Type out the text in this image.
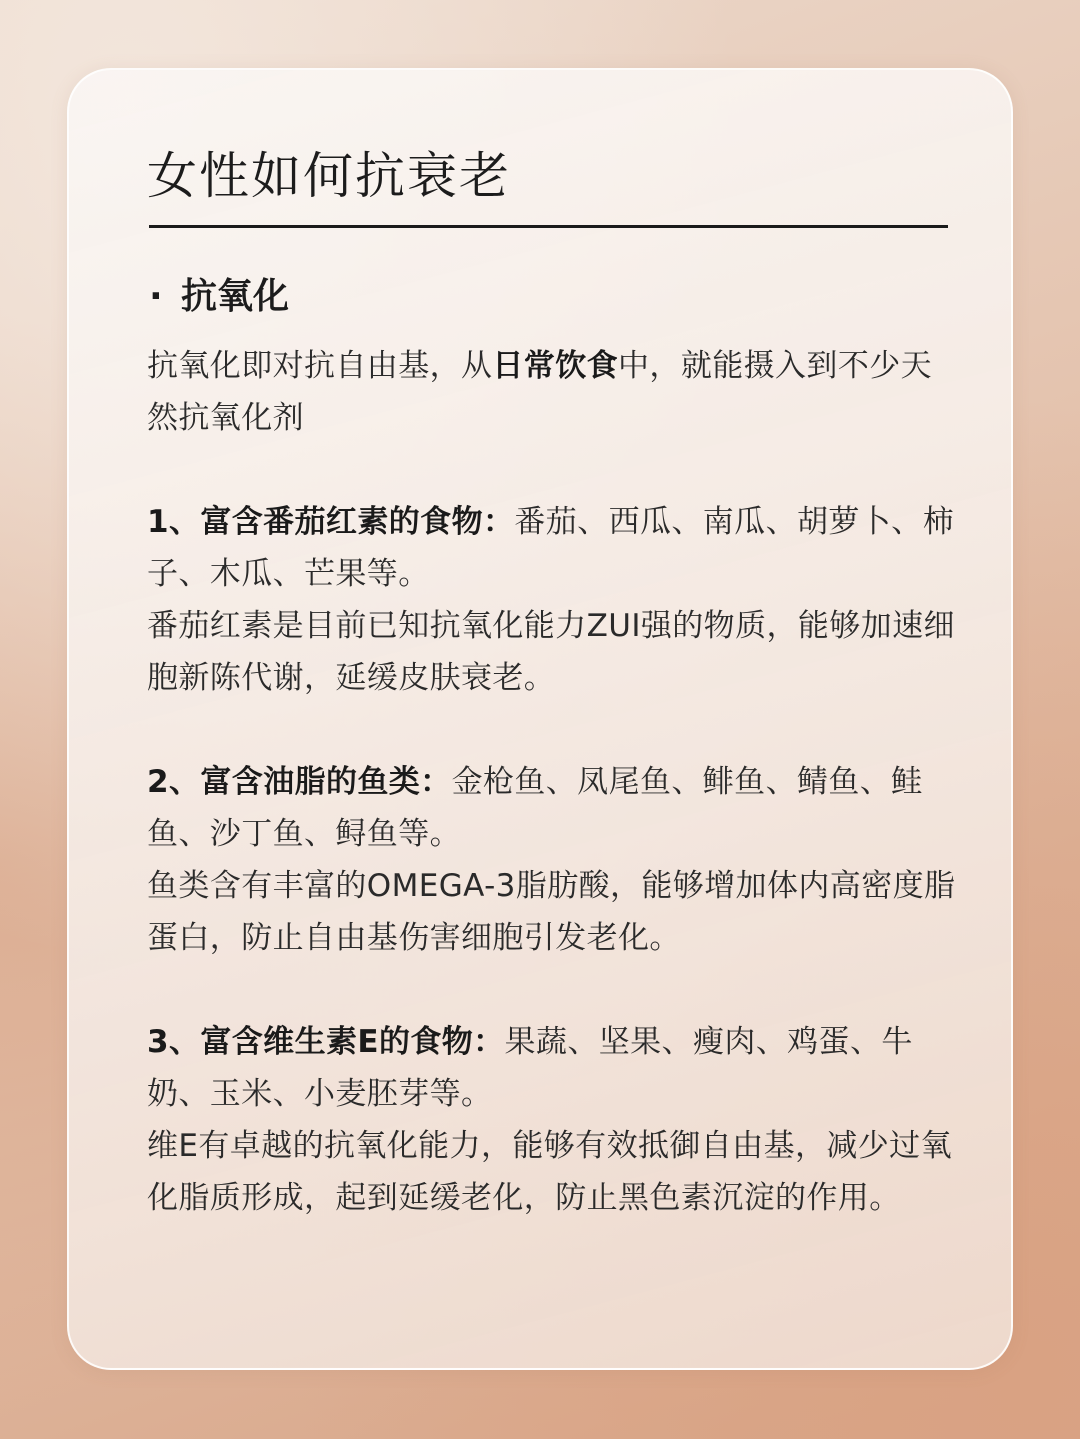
女性如何抗衰老
· 抗氧化

抗氧化即对抗自由基，从日常饮食中，就能摄入到不少天然抗氧化剂

1、富含番茄红素的食物：番茄、西瓜、南瓜、胡萝卜、柿子、木瓜、芒果等。

番茄红素是目前已知抗氧化能力ZUI强的物质，能够加速细胞新陈代谢，延缓皮肤衰老。

2、富含油脂的鱼类：金枪鱼、凤尾鱼、鲱鱼、鲭鱼、鲑鱼、沙丁鱼、鲟鱼等。

鱼类含有丰富的OMEGA-3脂肪酸，能够增加体内高密度脂蛋白，防止自由基伤害细胞引发老化。

3、富含维生素E的食物：果蔬、坚果、瘦肉、鸡蛋、牛奶、玉米、小麦胚芽等。

维E有卓越的抗氧化能力，能够有效抵御自由基，减少过氧化脂质形成，起到延缓老化，防止黑色素沉淀的作用。
